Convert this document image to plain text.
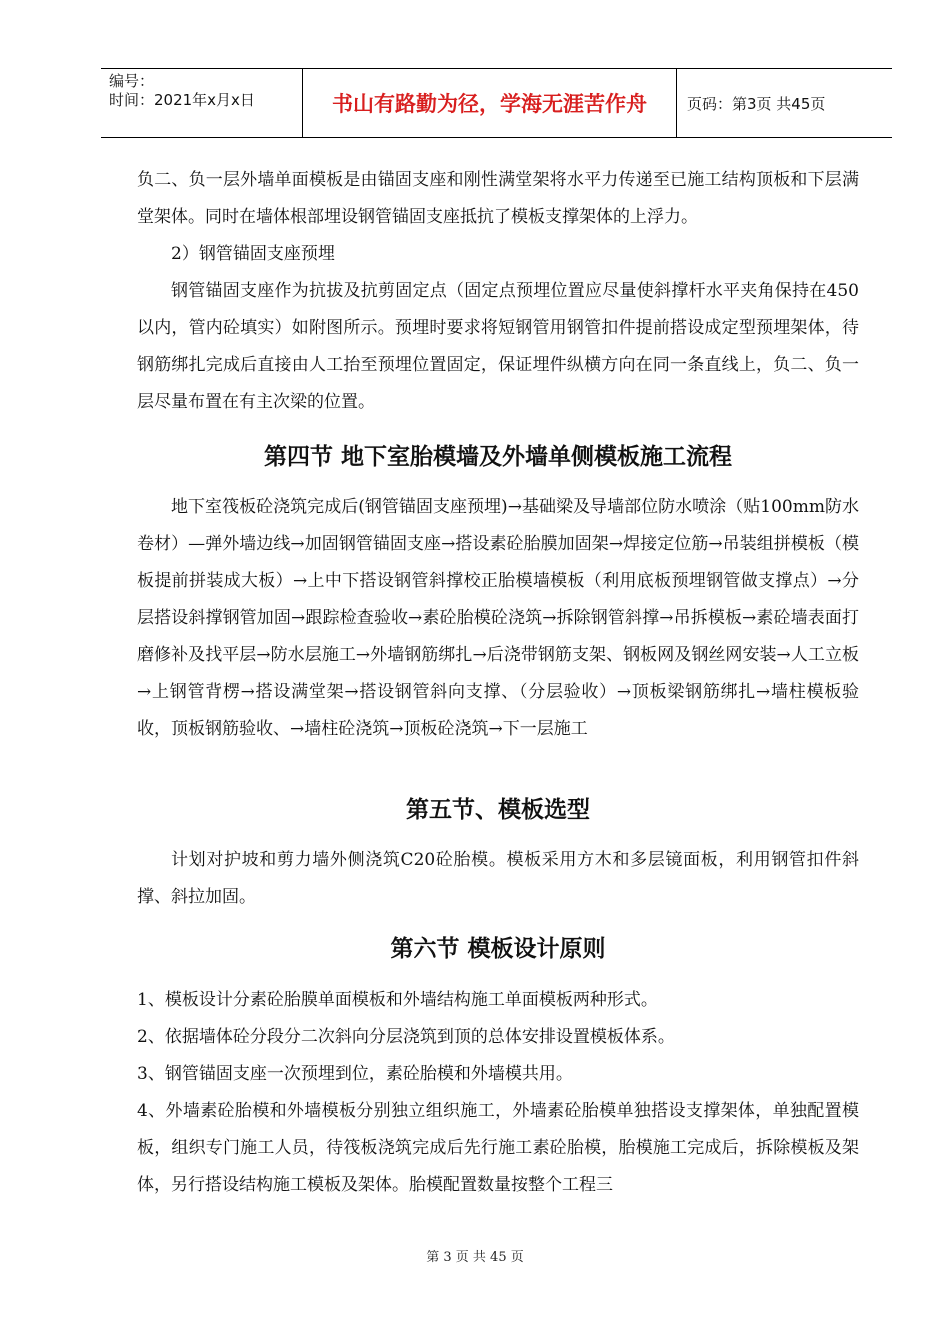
编号：
时间：2021年x月x日	书山有路勤为径，学海无涯苦作舟	页码：第3页 共45页

负二、负一层外墙单面模板是由锚固支座和刚性满堂架将水平力传递至已施工结构顶板和下层满堂架体。同时在墙体根部埋设钢管锚固支座抵抗了模板支撑架体的上浮力。

2）钢管锚固支座预埋

钢管锚固支座作为抗拔及抗剪固定点（固定点预埋位置应尽量使斜撑杆水平夹角保持在450以内，管内砼填实）如附图所示。预埋时要求将短钢管用钢管扣件提前搭设成定型预埋架体，待钢筋绑扎完成后直接由人工抬至预埋位置固定，保证埋件纵横方向在同一条直线上，负二、负一层尽量布置在有主次梁的位置。

第四节 地下室胎模墙及外墙单侧模板施工流程

地下室筏板砼浇筑完成后(钢管锚固支座预埋)→基础梁及导墙部位防水喷涂（贴100mm防水卷材）—弹外墙边线→加固钢管锚固支座→搭设素砼胎膜加固架→焊接定位筋→吊装组拼模板（模板提前拼装成大板）→上中下搭设钢管斜撑校正胎模墙模板（利用底板预埋钢管做支撑点）→分层搭设斜撑钢管加固→跟踪检查验收→素砼胎模砼浇筑→拆除钢管斜撑→吊拆模板→素砼墙表面打磨修补及找平层→防水层施工→外墙钢筋绑扎→后浇带钢筋支架、钢板网及钢丝网安装→人工立板→上钢管背楞→搭设满堂架→搭设钢管斜向支撑、（分层验收）→顶板梁钢筋绑扎→墙柱模板验收，顶板钢筋验收、→墙柱砼浇筑→顶板砼浇筑→下一层施工

第五节、模板选型

计划对护坡和剪力墙外侧浇筑C20砼胎模。模板采用方木和多层镜面板，利用钢管扣件斜撑、斜拉加固。

第六节 模板设计原则

1、模板设计分素砼胎膜单面模板和外墙结构施工单面模板两种形式。

2、依据墙体砼分段分二次斜向分层浇筑到顶的总体安排设置模板体系。

3、钢管锚固支座一次预埋到位，素砼胎模和外墙模共用。

4、外墙素砼胎模和外墙模板分别独立组织施工，外墙素砼胎模单独搭设支撑架体，单独配置模板，组织专门施工人员，待筏板浇筑完成后先行施工素砼胎模，胎模施工完成后，拆除模板及架体，另行搭设结构施工模板及架体。胎模配置数量按整个工程三

第 3 页 共 45 页
